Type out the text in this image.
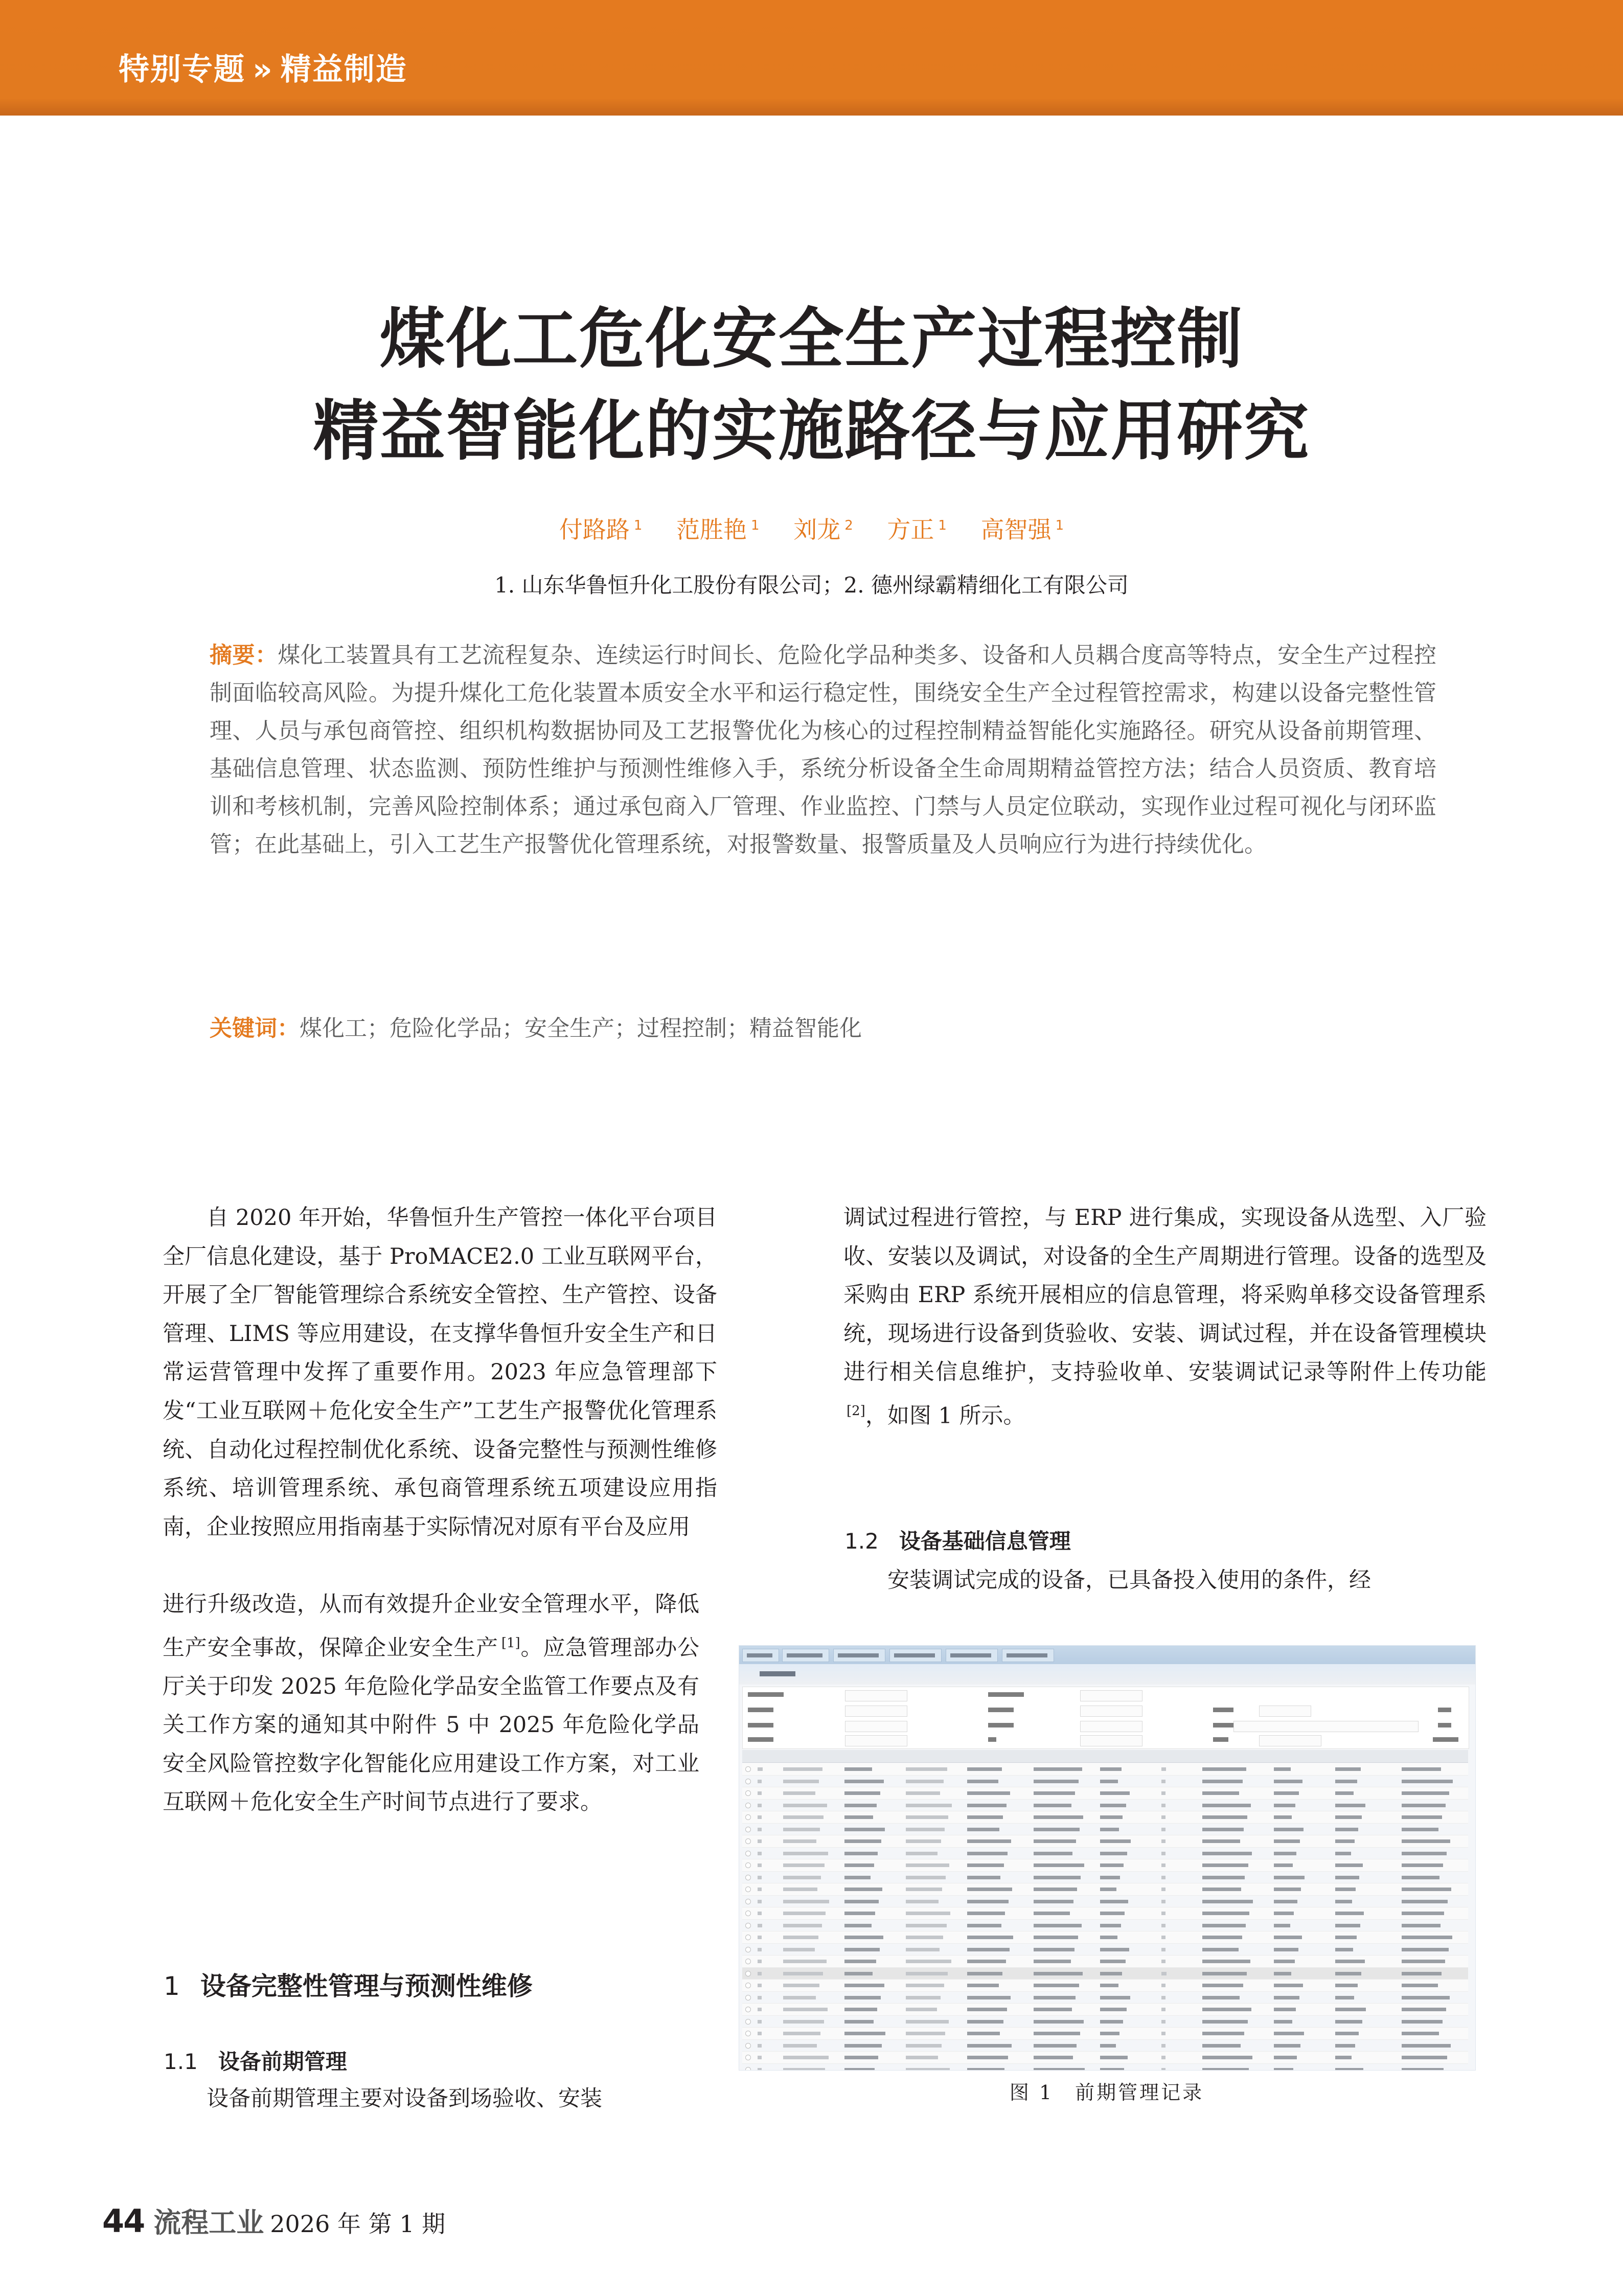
特别专题 » 精益制造
煤化工危化安全生产过程控制
精益智能化的实施路径与应用研究
付路路 $^1$ 范胜艳 $^1$ 刘龙 $^2$ 方正 $^1$ 高智强 $^1$
1. 山东华鲁恒升化工股份有限公司；2. 德州绿霸精细化工有限公司
摘要：煤化工装置具有工艺流程复杂、连续运行时间长、危险化学品种类多、设备和人员耦合度高等特点，安全生产过程控制面临较高风险。为提升煤化工危化装置本质安全水平和运行稳定性，围绕安全生产全过程管控需求，构建以设备完整性管理、人员与承包商管控、组织机构数据协同及工艺报警优化为核心的过程控制精益智能化实施路径。研究从设备前期管理、基础信息管理、状态监测、预防性维护与预测性维修入手，系统分析设备全生命周期精益管控方法；结合人员资质、教育培训和考核机制，完善风险控制体系；通过承包商入厂管理、作业监控、门禁与人员定位联动，实现作业过程可视化与闭环监管；在此基础上，引入工艺生产报警优化管理系统，对报警数量、报警质量及人员响应行为进行持续优化。
关键词：煤化工；危险化学品；安全生产；过程控制；精益智能化

自 2020 年开始，华鲁恒升生产管控一体化平台项目全厂信息化建设，基于 ProMACE2.0 工业互联网平台，开展了全厂智能管理综合系统安全管控、生产管控、设备管理、LIMS 等应用建设，在支撑华鲁恒升安全生产和日常运营管理中发挥了重要作用。2023 年应急管理部下发“工业互联网＋危化安全生产”工艺生产报警优化管理系统、自动化过程控制优化系统、设备完整性与预测性维修系统、培训管理系统、承包商管理系统五项建设应用指南，企业按照应用指南基于实际情况对原有平台及应用

进行升级改造，从而有效提升企业安全管理水平，降低生产安全事故，保障企业安全生产 [1]。应急管理部办公厅关于印发 2025 年危险化学品安全监管工作要点及有关工作方案的通知其中附件 5 中 2025 年危险化学品安全风险管控数字化智能化应用建设工作方案，对工业互联网＋危化安全生产时间节点进行了要求。

1 设备完整性管理与预测性维修
1.1 设备前期管理

设备前期管理主要对设备到场验收、安装

调试过程进行管控，与 ERP 进行集成，实现设备从选型、入厂验收、安装以及调试，对设备的全生产周期进行管理。设备的选型及采购由 ERP 系统开展相应的信息管理，将采购单移交设备管理系统，现场进行设备到货验收、安装、调试过程，并在设备管理模块进行相关信息维护，支持验收单、安装调试记录等附件上传功能[2]，如图 1 所示。

1.2 设备基础信息管理

安装调试完成的设备，已具备投入使用的条件，经

图 1　前期管理记录
44 流程工业 2026 年 第 1 期
